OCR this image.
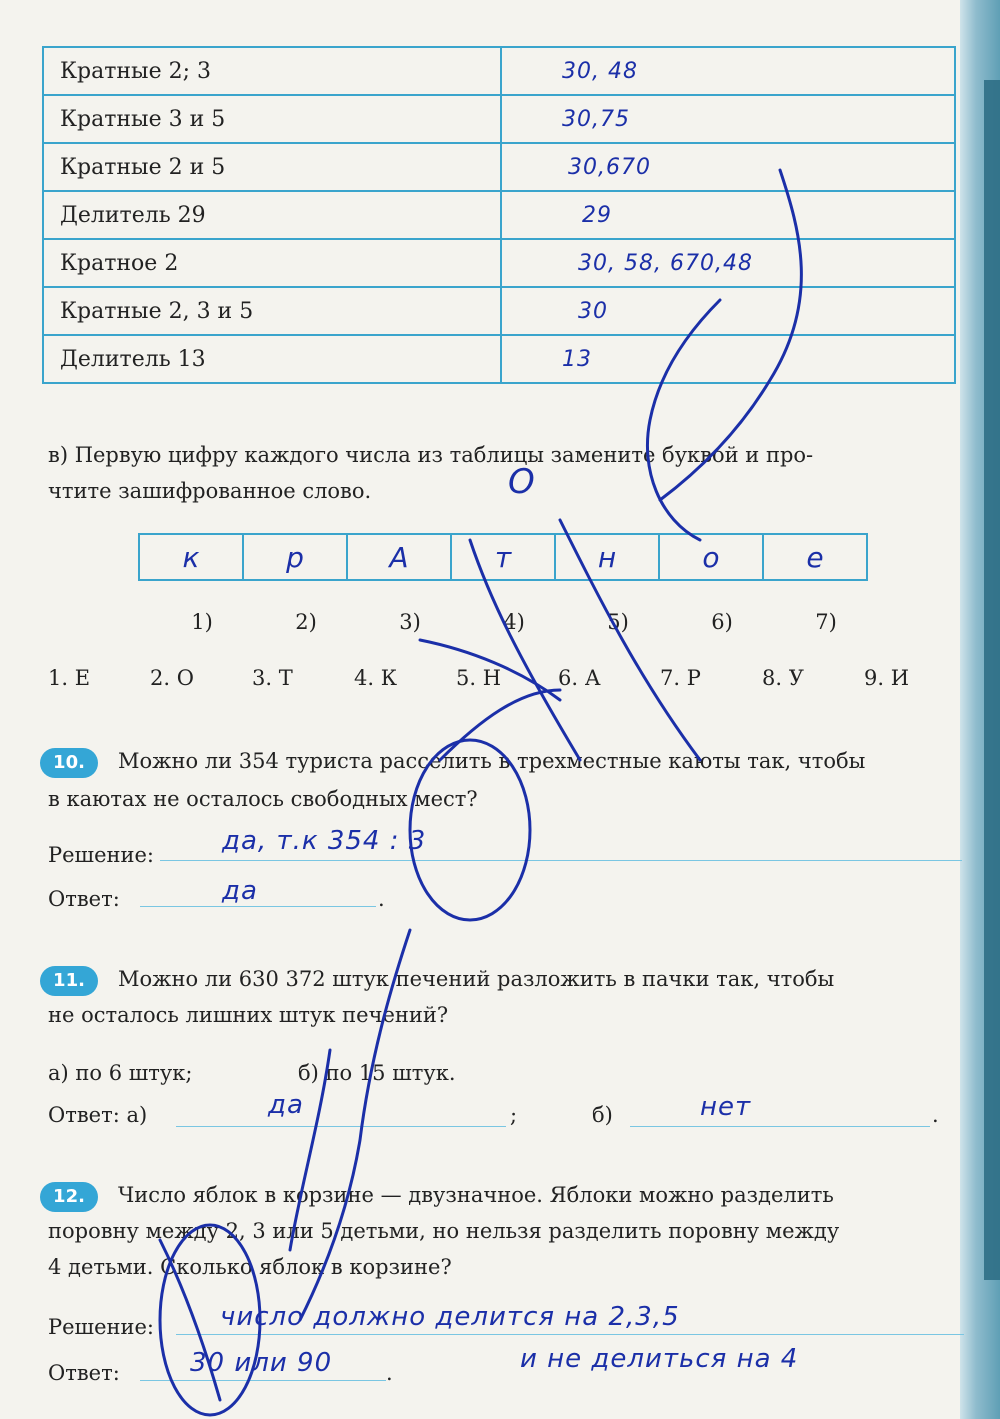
Кратные 2; 3	30, 48
Кратные 3 и 5	30,75
Кратные 2 и 5	30,670
Делитель 29	29
Кратное 2	30, 58, 670,48
Кратные 2, 3 и 5	30
Делитель 13	13
в) Первую цифру каждого числа из таблицы замените буквой и про-
чтите зашифрованное слово.	О
к	р	А	т	н	о	е
1)	2)	3)	4)	5)	6)	7)
1. Е	2. О	3. Т	4. К	5. Н	6. А	7. Р	8. У	9. И
10.	Можно ли 354 туриста расселить в трехместные каюты так, чтобы
в каютах не осталось свободных мест?
Решение:	да, т.к 354 : 3
Ответ:	да	.
11.	Можно ли 630 372 штук печений разложить в пачки так, чтобы
не осталось лишних штук печений?
а) по 6 штук;	б) по 15 штук.
Ответ: а)	да	;	б)	нет	.
12.	Число яблок в корзине — двузначное. Яблоки можно разделить
поровну между 2, 3 или 5 детьми, но нельзя разделить поровну между
4 детьми. Сколько яблок в корзине?
Решение:	число должно делится на 2,3,5
Ответ:	30 или 90	.	и не делиться на 4
